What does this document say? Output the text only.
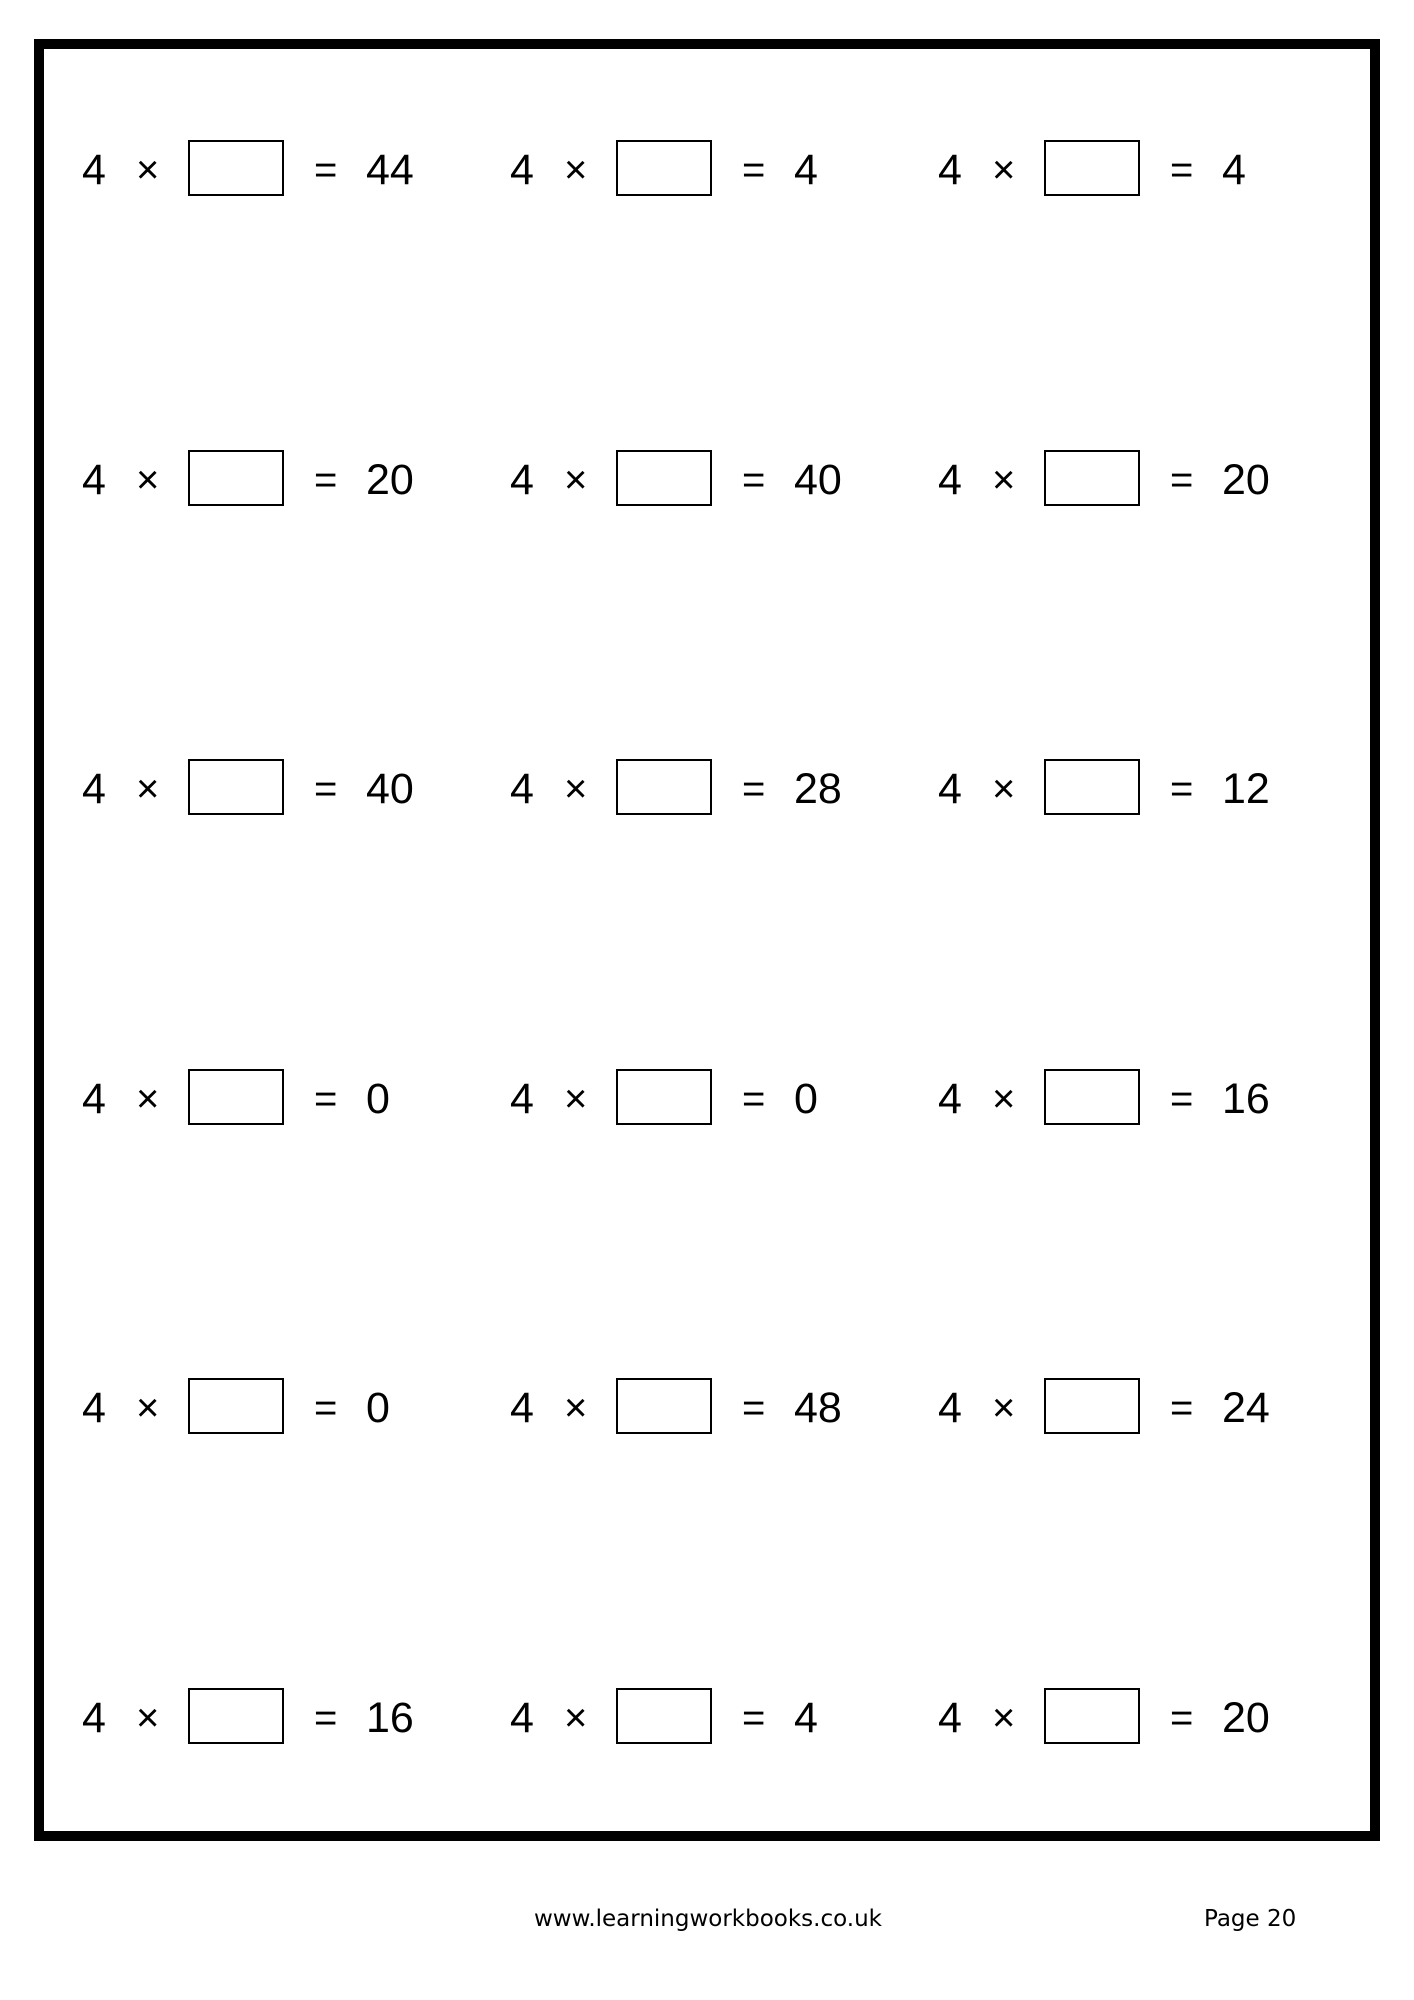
4 ×	= 44 4 ×	= 4	4 ×	= 4
4 ×	= 20 4 ×	= 40 4 ×	= 20
4 ×	= 40 4 ×	= 28 4 ×	= 12
4 ×	= 0	4 ×	= 0	4 ×	= 16
4 ×	= 0	4 ×	= 48 4 ×	= 24
4 ×	= 16 4 ×	= 4	4 ×	= 20
www.learningworkbooks.co.uk	Page 20
